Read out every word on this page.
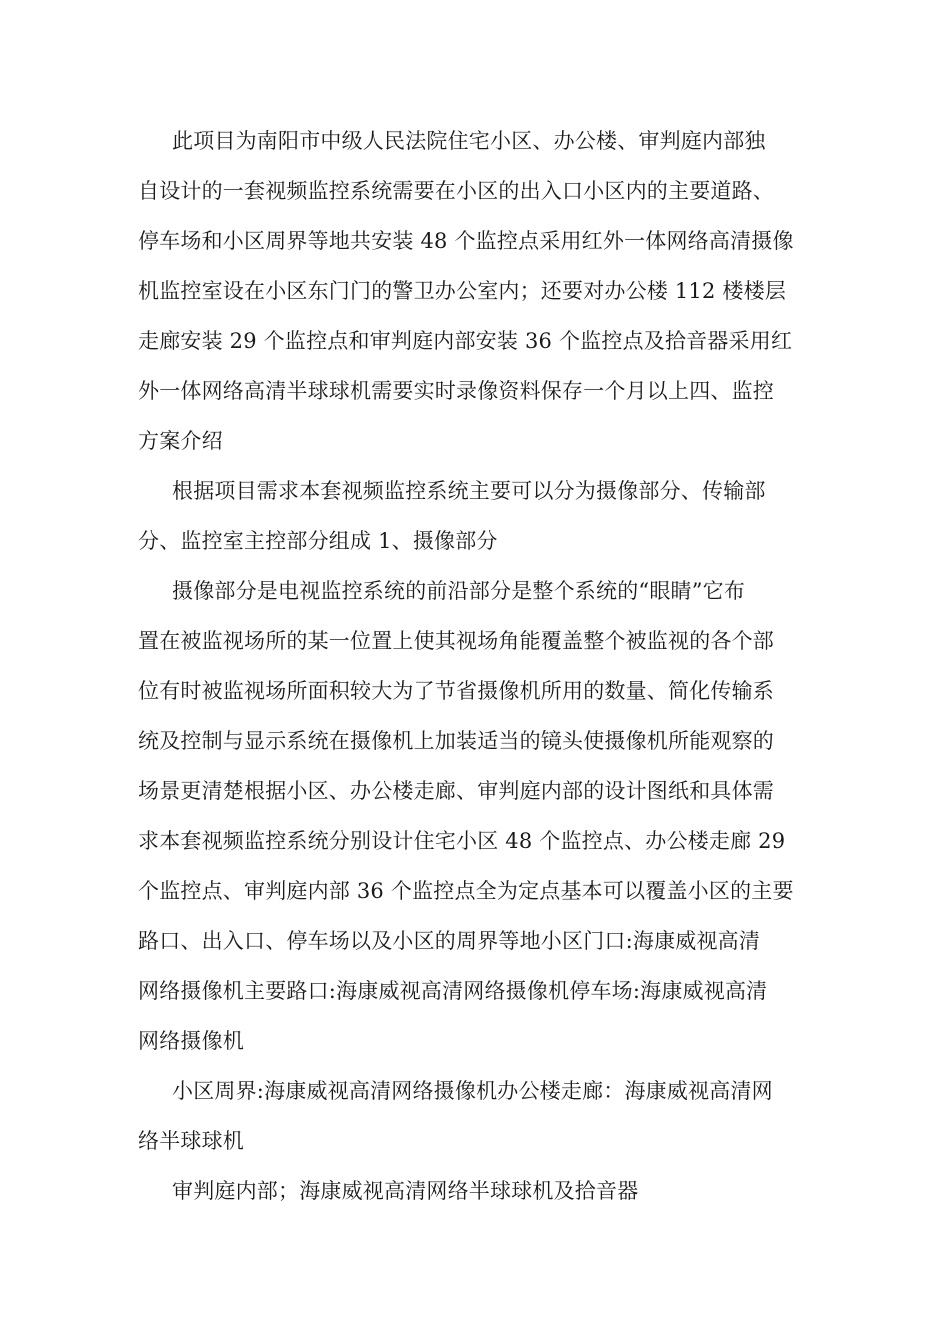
此项目为南阳市中级人民法院住宅小区、办公楼、审判庭内部独
自设计的一套视频监控系统需要在小区的出入口小区内的主要道路、
停车场和小区周界等地共安装 48 个监控点采用红外一体网络高清摄像
机监控室设在小区东门门的警卫办公室内；还要对办公楼 112 楼楼层
走廊安装 29 个监控点和审判庭内部安装 36 个监控点及拾音器采用红
外一体网络高清半球球机需要实时录像资料保存一个月以上四、监控
方案介绍
根据项目需求本套视频监控系统主要可以分为摄像部分、传输部
分、监控室主控部分组成 1、摄像部分
摄像部分是电视监控系统的前沿部分是整个系统的“眼睛”它布
置在被监视场所的某一位置上使其视场角能覆盖整个被监视的各个部
位有时被监视场所面积较大为了节省摄像机所用的数量、简化传输系
统及控制与显示系统在摄像机上加装适当的镜头使摄像机所能观察的
场景更清楚根据小区、办公楼走廊、审判庭内部的设计图纸和具体需
求本套视频监控系统分别设计住宅小区 48 个监控点、办公楼走廊 29
个监控点、审判庭内部 36 个监控点全为定点基本可以覆盖小区的主要
路口、出入口、停车场以及小区的周界等地小区门口:海康威视高清
网络摄像机主要路口:海康威视高清网络摄像机停车场:海康威视高清
网络摄像机
小区周界:海康威视高清网络摄像机办公楼走廊：海康威视高清网
络半球球机
审判庭内部；海康威视高清网络半球球机及拾音器
